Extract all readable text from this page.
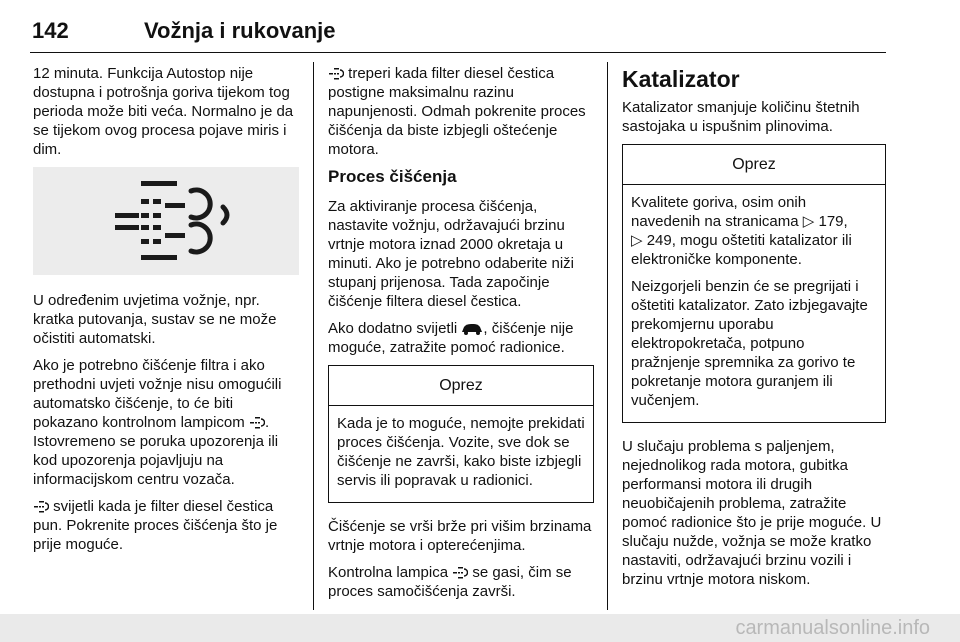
142	Vožnja i rukovanje

12 minuta. Funkcija Autostop nije dostupna i potrošnja goriva tijekom tog perioda može biti veća. Normalno je da se tijekom ovog procesa pojave miris i dim.

U određenim uvjetima vožnje, npr. kratka putovanja, sustav se ne može očistiti automatski.

Ako je potrebno čišćenje filtra i ako prethodni uvjeti vožnje nisu omogućili automatsko čišćenje, to će biti pokazano kontrolnom lampicom . Istovremeno se poruka upozorenja ili kod upozorenja pojavljuju na informacijskom centru vozača.

svijetli kada je filter diesel čestica pun. Pokrenite proces čišćenja što je prije moguće.

treperi kada filter diesel čestica postigne maksimalnu razinu napunjenosti. Odmah pokrenite proces čišćenja da biste izbjegli oštećenje motora.

Proces čišćenja

Za aktiviranje procesa čišćenja, nastavite vožnju, održavajući brzinu vrtnje motora iznad 2000 okretaja u minuti. Ako je potrebno odaberite niži stupanj prijenosa. Tada započinje čišćenje filtera diesel čestica.

Ako dodatno svijetli , čišćenje nije moguće, zatražite pomoć radionice.

Oprez

Kada je to moguće, nemojte prekidati proces čišćenja. Vozite, sve dok se čišćenje ne završi, kako biste izbjegli servis ili popravak u radionici.

Čišćenje se vrši brže pri višim brzinama vrtnje motora i opterećenjima.

Kontrolna lampica  se gasi, čim se proces samočišćenja završi.

Katalizator

Katalizator smanjuje količinu štetnih sastojaka u ispušnim plinovima.

Oprez

Kvalitete goriva, osim onih navedenih na stranicama ▷ 179,
▷ 249, mogu oštetiti katalizator ili elektroničke komponente.

Neizgorjeli benzin će se pregrijati i oštetiti katalizator. Zato izbjegavajte prekomjernu uporabu elektropokretača, potpuno pražnjenje spremnika za gorivo te pokretanje motora guranjem ili vučenjem.

U slučaju problema s paljenjem, nejednolikog rada motora, gubitka performansi motora ili drugih neuobičajenih problema, zatražite pomoć radionice što je prije moguće. U slučaju nužde, vožnja se može kratko nastaviti, održavajući brzinu vozili i brzinu vrtnje motora niskom.

carmanualsonline.info
